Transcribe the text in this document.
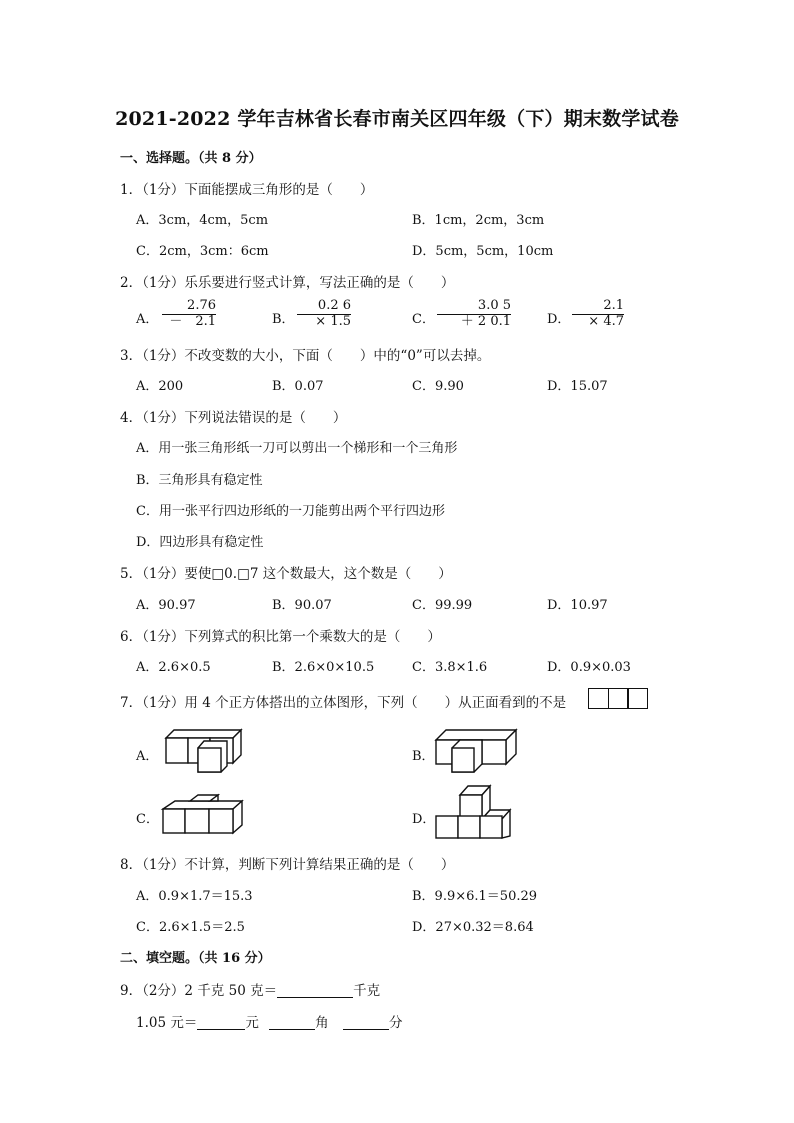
2021-2022 学年吉林省长春市南关区四年级（下）期末数学试卷
一、选择题。（共 8 分）
1．（1分）下面能摆成三角形的是（　　）
A．3cm，4cm，5cm	B．1cm，2cm，3cm
C．2cm，3cm：6cm	D．5cm，5cm，10cm
2．（1分）乐乐要进行竖式计算，写法正确的是（　　）
A．
2.76
－　2.1	B．
0.2 6
× 1.5	C．
3.0 5
＋ 2 0.1	D．
2.1
× 4.7
3．（1分）不改变数的大小，下面（　　）中的“0”可以去掉。
A．200	B．0.07	C．9.90	D．15.07
4．（1分）下列说法错误的是（　　）
A．用一张三角形纸一刀可以剪出一个梯形和一个三角形
B．三角形具有稳定性
C．用一张平行四边形纸的一刀能剪出两个平行四边形
D．四边形具有稳定性
5．（1分）要使□0.□7 这个数最大，这个数是（　　）
A．90.97	B．90.07	C．99.99	D．10.97
6．（1分）下列算式的积比第一个乘数大的是（　　）
A．2.6×0.5	B．2.6×0×10.5	C．3.8×1.6	D．0.9×0.03
7．（1分）用 4 个正方体搭出的立体图形，下列（　　）从正面看到的不是
A．	B．
C．	D．
8．（1分）不计算，判断下列计算结果正确的是（　　）
A．0.9×1.7＝15.3	B．9.9×6.1＝50.29
C．2.6×1.5＝2.5	D．27×0.32＝8.64
二、填空题。（共 16 分）
9．（2分）2 千克 50 克＝	千克
1.05 元＝	元	角	分
